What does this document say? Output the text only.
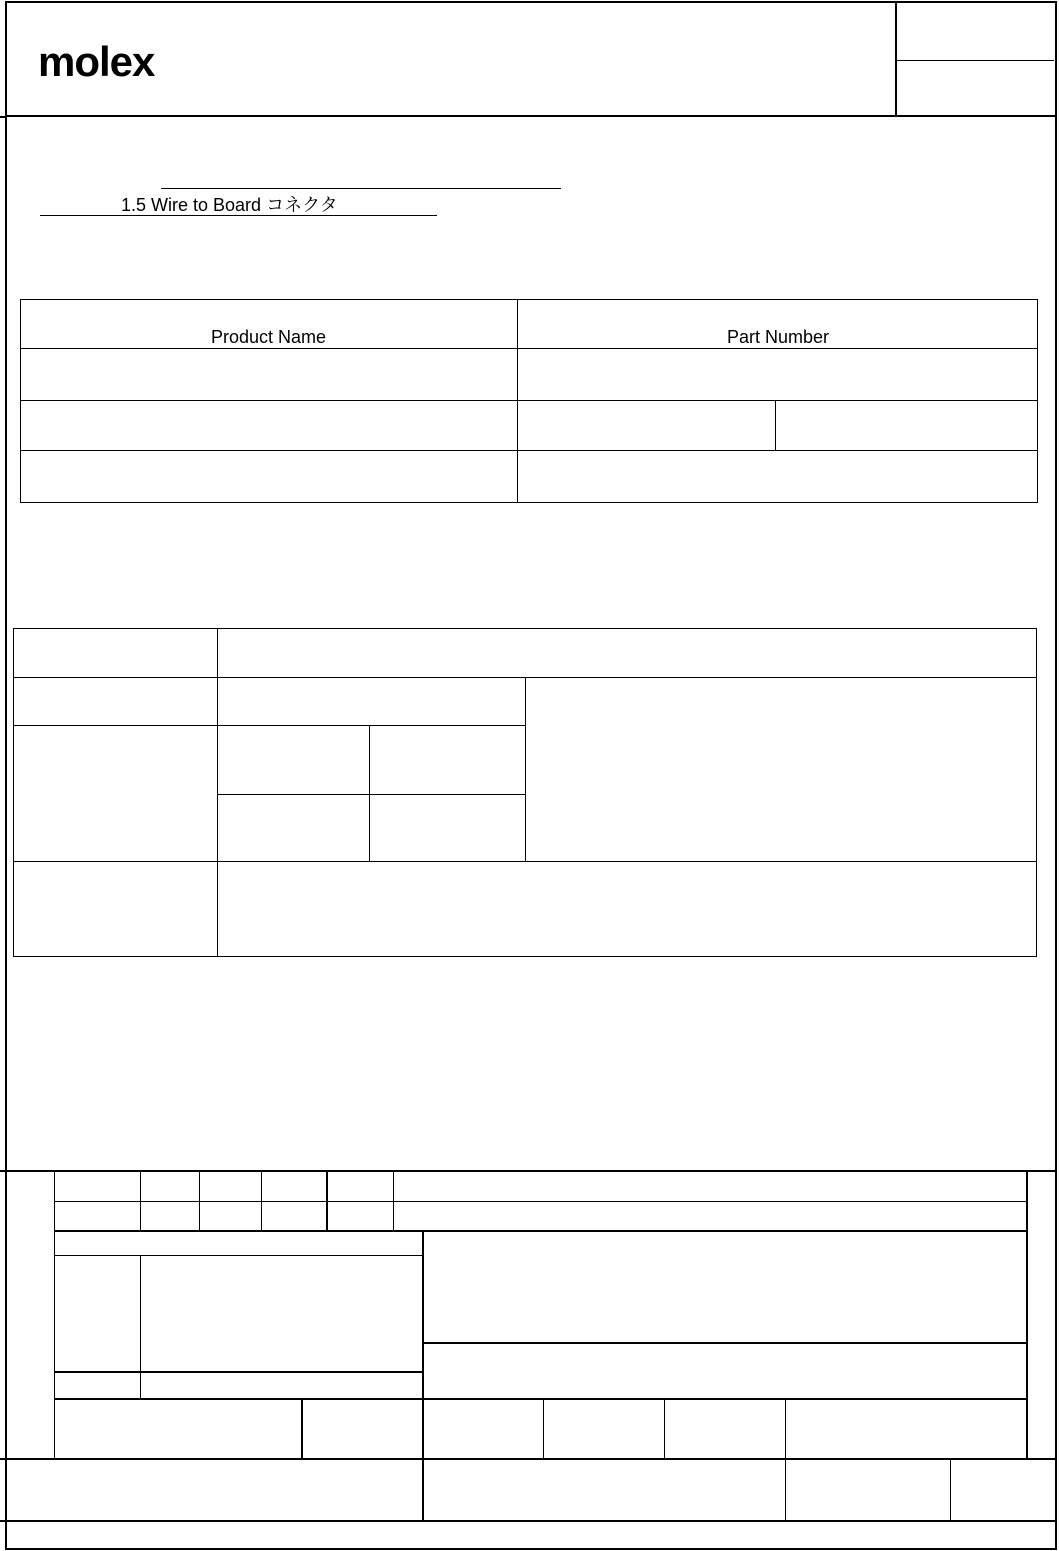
molex
1.5 Wire to Board コネクタ
Product Name	Part Number
